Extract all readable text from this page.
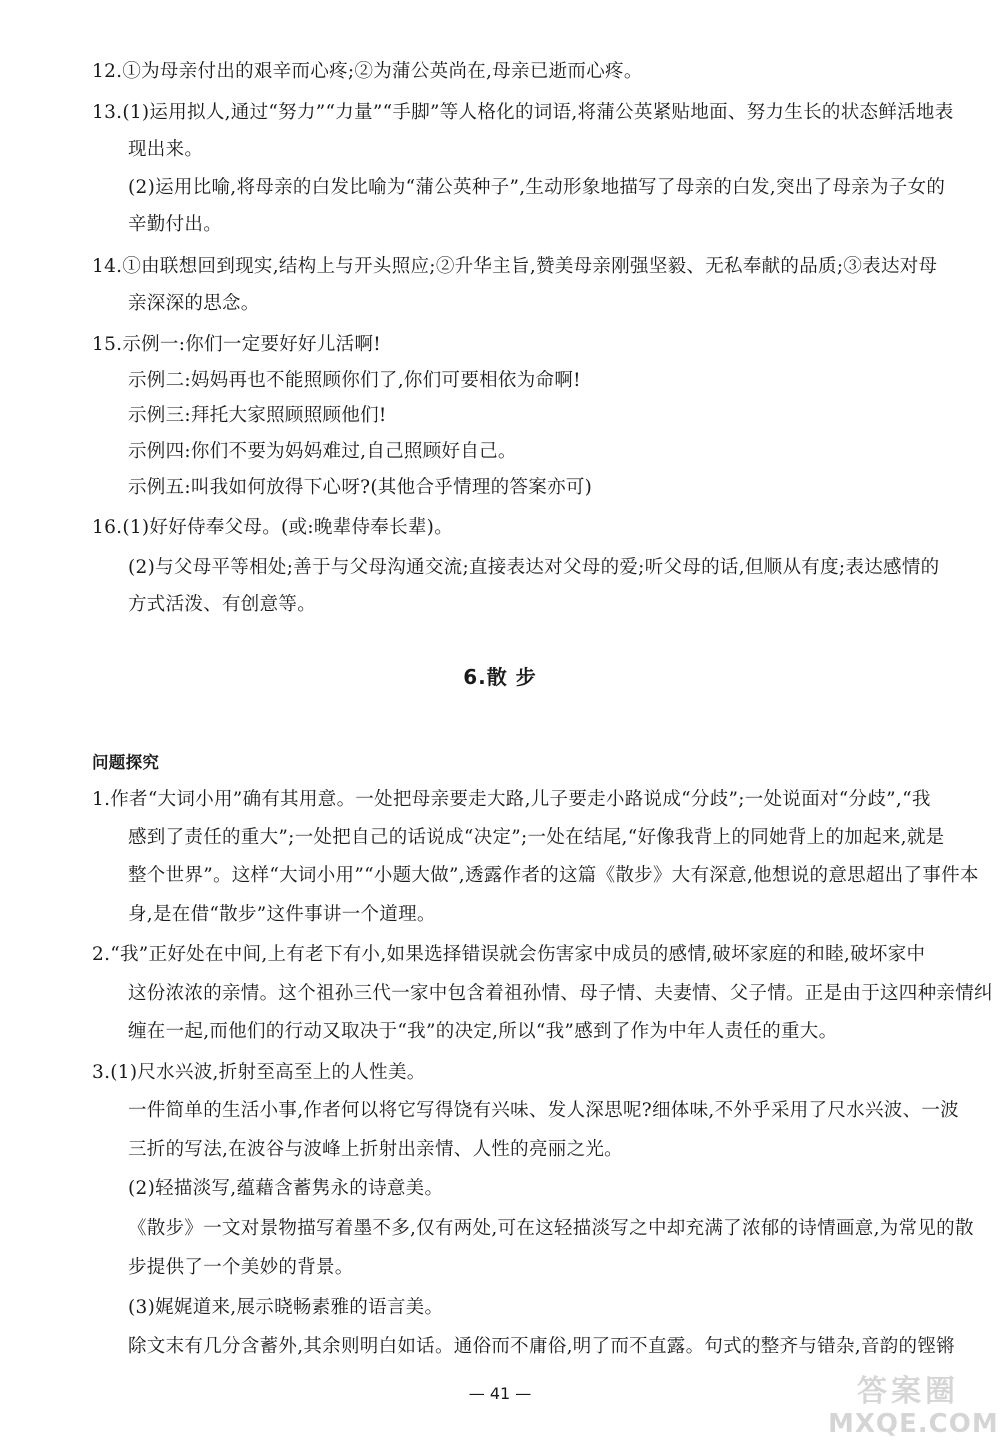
12.①为母亲付出的艰辛而心疼;②为蒲公英尚在,母亲已逝而心疼。
13.(1)运用拟人,通过“努力”“力量”“手脚”等人格化的词语,将蒲公英紧贴地面、努力生长的状态鲜活地表
现出来。
(2)运用比喻,将母亲的白发比喻为“蒲公英种子”,生动形象地描写了母亲的白发,突出了母亲为子女的
辛勤付出。
14.①由联想回到现实,结构上与开头照应;②升华主旨,赞美母亲刚强坚毅、无私奉献的品质;③表达对母
亲深深的思念。
15.示例一:你们一定要好好儿活啊!
示例二:妈妈再也不能照顾你们了,你们可要相依为命啊!
示例三:拜托大家照顾照顾他们!
示例四:你们不要为妈妈难过,自己照顾好自己。
示例五:叫我如何放得下心呀?(其他合乎情理的答案亦可)
16.(1)好好侍奉父母。(或:晚辈侍奉长辈)。
(2)与父母平等相处;善于与父母沟通交流;直接表达对父母的爱;听父母的话,但顺从有度;表达感情的
方式活泼、有创意等。
6.散 步
问题探究
1.作者“大词小用”确有其用意。一处把母亲要走大路,儿子要走小路说成“分歧”;一处说面对“分歧”,“我
感到了责任的重大”;一处把自己的话说成“决定”;一处在结尾,“好像我背上的同她背上的加起来,就是
整个世界”。这样“大词小用”“小题大做”,透露作者的这篇《散步》大有深意,他想说的意思超出了事件本
身,是在借“散步”这件事讲一个道理。
2.“我”正好处在中间,上有老下有小,如果选择错误就会伤害家中成员的感情,破坏家庭的和睦,破坏家中
这份浓浓的亲情。这个祖孙三代一家中包含着祖孙情、母子情、夫妻情、父子情。正是由于这四种亲情纠
缠在一起,而他们的行动又取决于“我”的决定,所以“我”感到了作为中年人责任的重大。
3.(1)尺水兴波,折射至高至上的人性美。
一件简单的生活小事,作者何以将它写得饶有兴味、发人深思呢?细体味,不外乎采用了尺水兴波、一波
三折的写法,在波谷与波峰上折射出亲情、人性的亮丽之光。
(2)轻描淡写,蕴藉含蓄隽永的诗意美。
《散步》一文对景物描写着墨不多,仅有两处,可在这轻描淡写之中却充满了浓郁的诗情画意,为常见的散
步提供了一个美妙的背景。
(3)娓娓道来,展示晓畅素雅的语言美。
除文末有几分含蓄外,其余则明白如话。通俗而不庸俗,明了而不直露。句式的整齐与错杂,音韵的铿锵
— 41 —	答案圈
MXQE.COM
